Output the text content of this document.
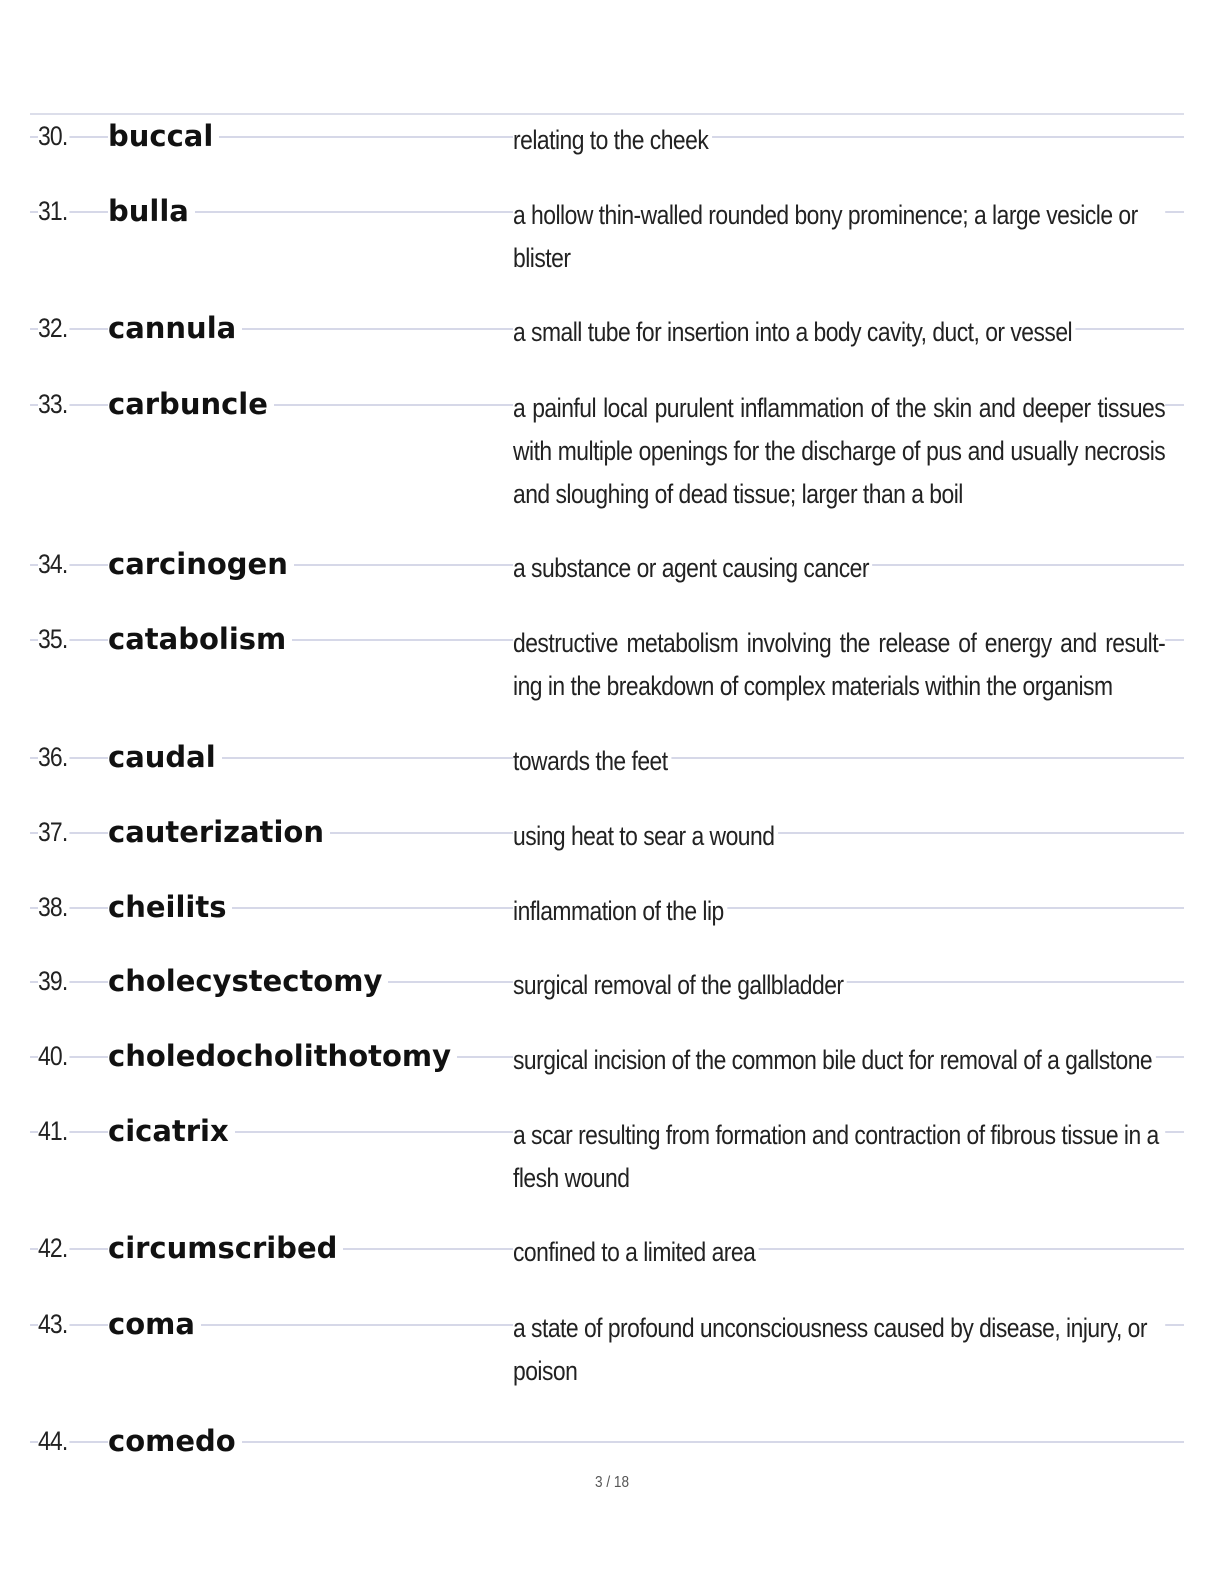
30. buccal	relating to the cheek
31. bulla	a hollow thin-walled rounded bony prominence; a large vesicle or blister
32. cannula	a small tube for insertion into a body cavity, duct, or vessel
33. carbuncle	a painful local purulent inflammation of the skin and deeper tissues with multiple openings for the discharge of pus and usually necrosis and sloughing of dead tissue; larger than a boil
34. carcinogen	a substance or agent causing cancer
35. catabolism	destructive metabolism involving the release of energy and result-ing in the breakdown of complex materials within the organism
36. caudal	towards the feet
37. cauterization	using heat to sear a wound
38. cheilits	inflammation of the lip
39. cholecystectomy	surgical removal of the gallbladder
40. choledocholithotomy surgical incision of the common bile duct for removal of a gallstone
41. cicatrix	a scar resulting from formation and contraction of fibrous tissue in a flesh wound
42. circumscribed	confined to a limited area
43. coma	a state of profound unconsciousness caused by disease, injury, or poison
44. comedo
3 / 18
